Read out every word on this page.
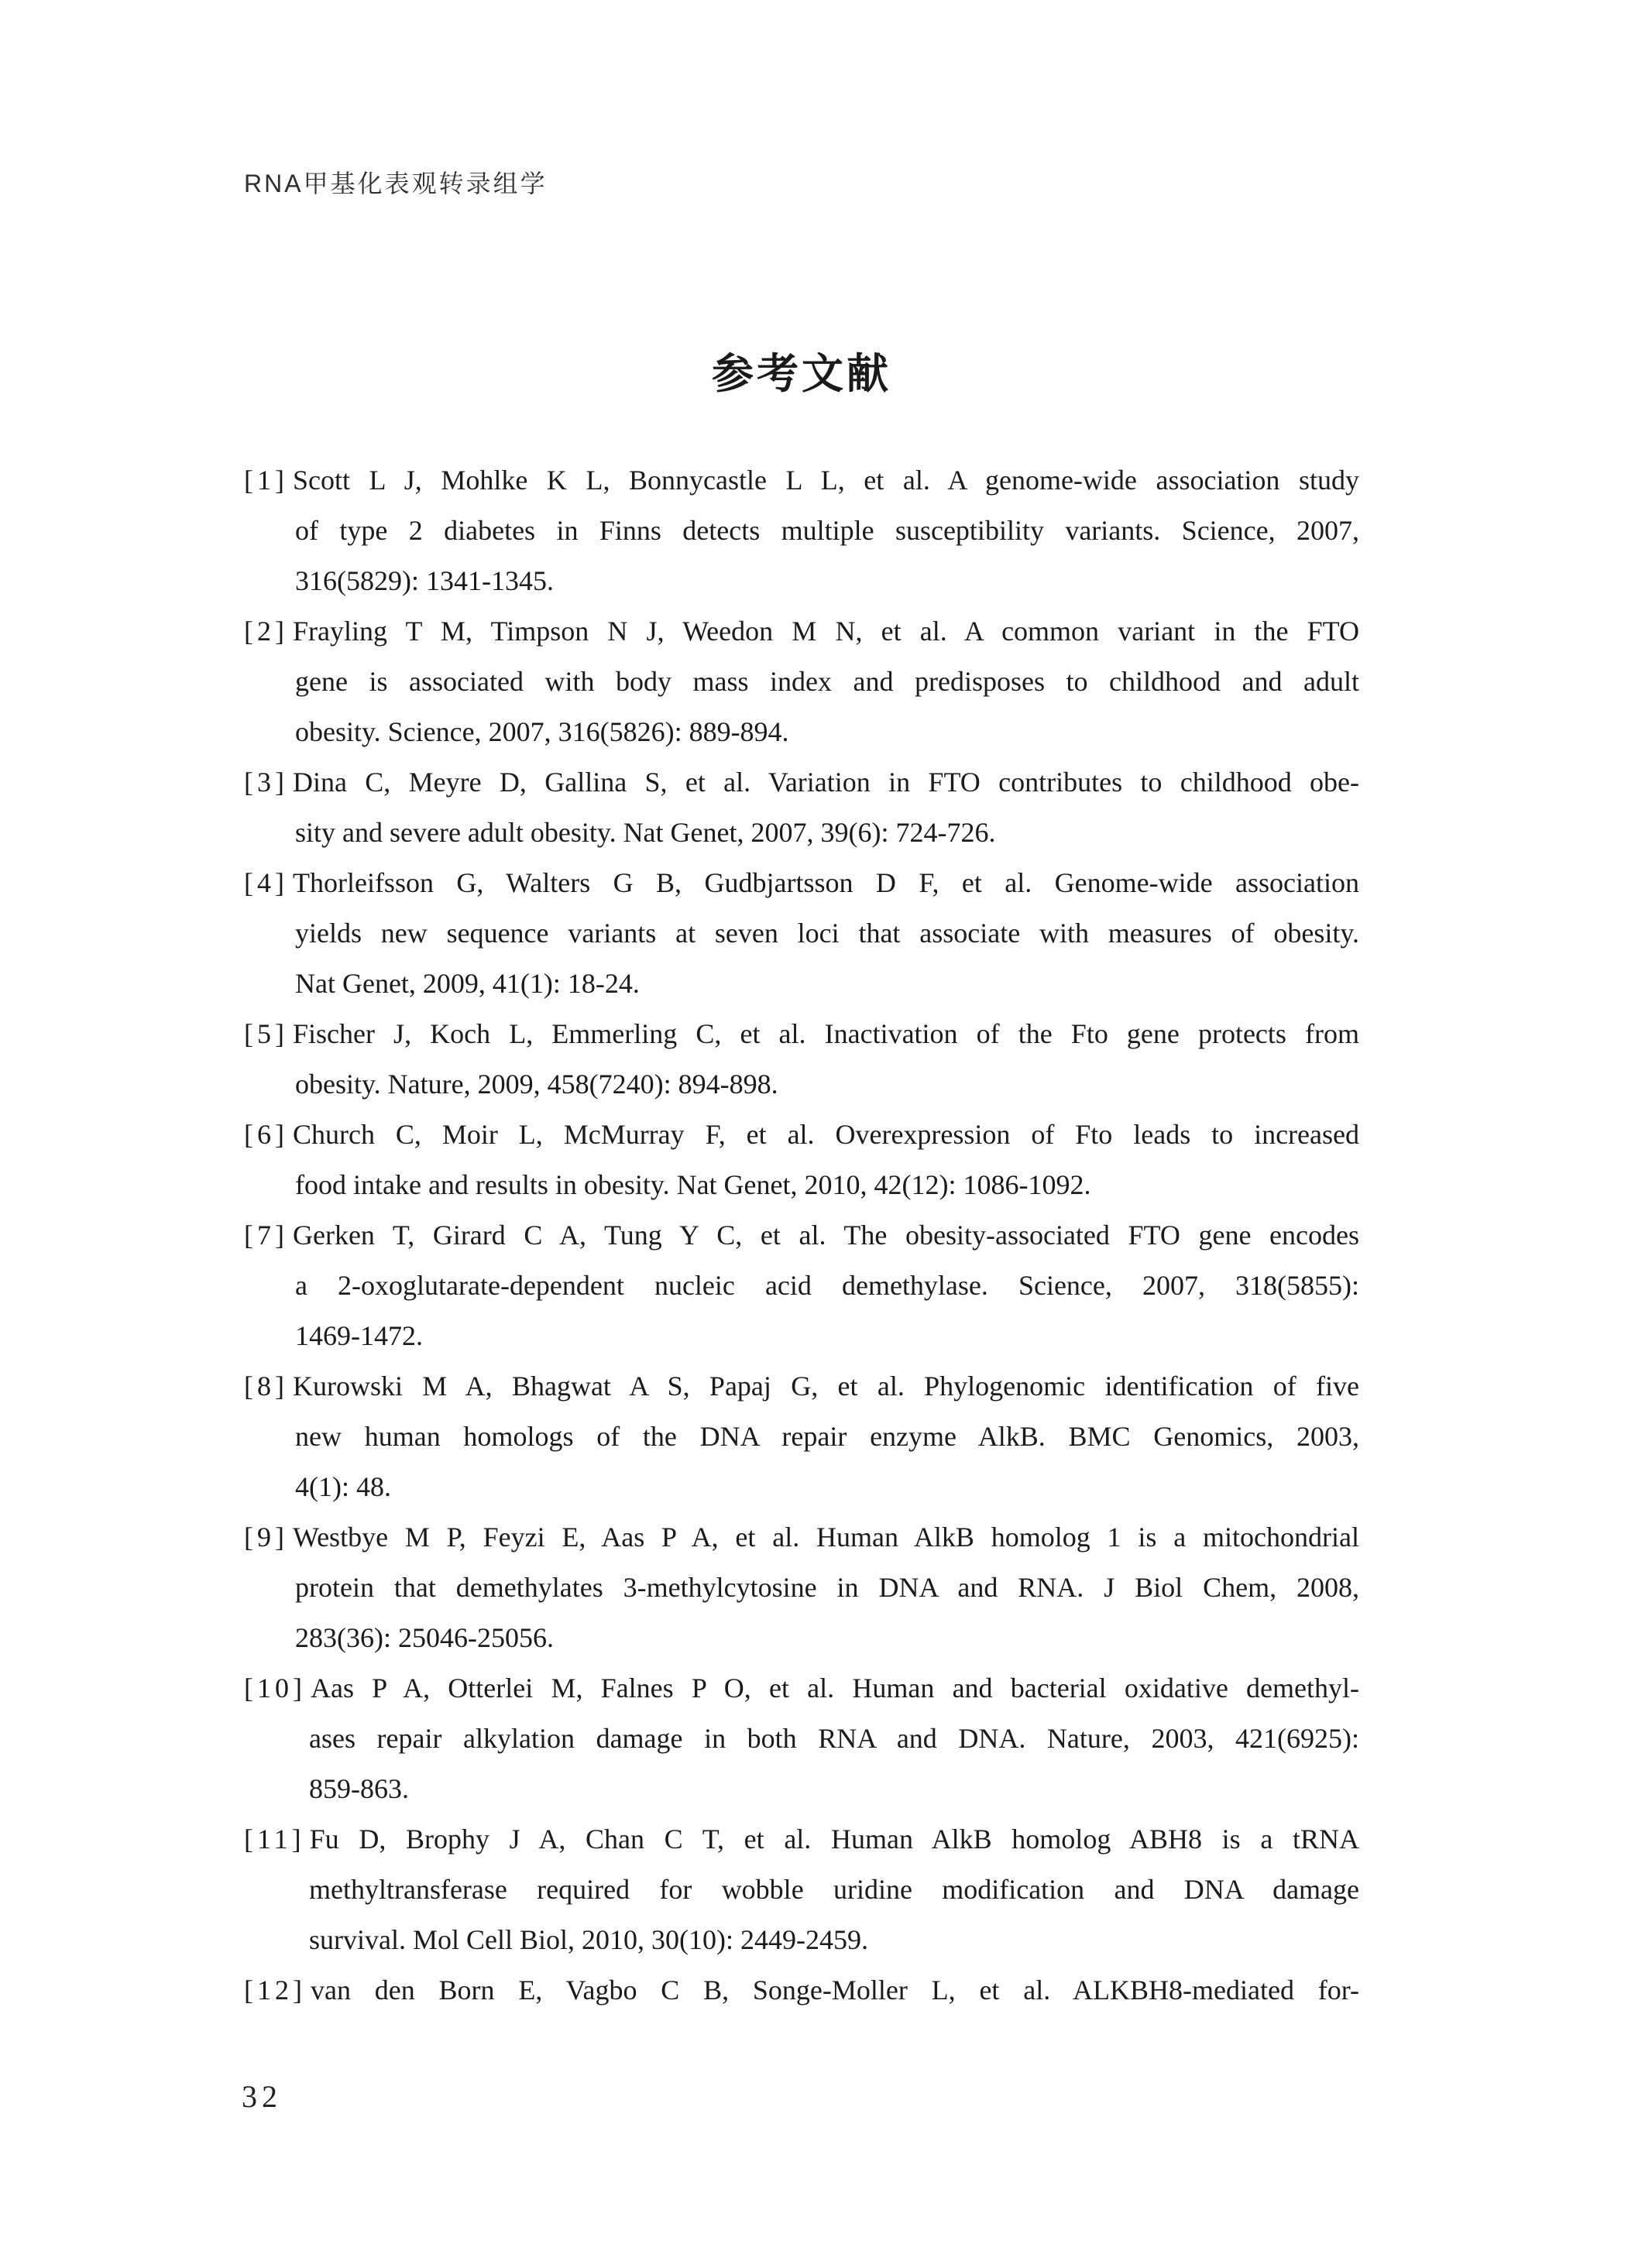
RNA甲基化表观转录组学
参考文献
[1] Scott L J, Mohlke K L, Bonnycastle L L, et al. A genome-wide association study
of type 2 diabetes in Finns detects multiple susceptibility variants. Science, 2007,
316(5829): 1341-1345.
[2] Frayling T M, Timpson N J, Weedon M N, et al. A common variant in the FTO
gene is associated with body mass index and predisposes to childhood and adult
obesity. Science, 2007, 316(5826): 889-894.
[3] Dina C, Meyre D, Gallina S, et al. Variation in FTO contributes to childhood obe-
sity and severe adult obesity. Nat Genet, 2007, 39(6): 724-726.
[4] Thorleifsson G, Walters G B, Gudbjartsson D F, et al. Genome-wide association
yields new sequence variants at seven loci that associate with measures of obesity.
Nat Genet, 2009, 41(1): 18-24.
[5] Fischer J, Koch L, Emmerling C, et al. Inactivation of the Fto gene protects from
obesity. Nature, 2009, 458(7240): 894-898.
[6] Church C, Moir L, McMurray F, et al. Overexpression of Fto leads to increased
food intake and results in obesity. Nat Genet, 2010, 42(12): 1086-1092.
[7] Gerken T, Girard C A, Tung Y C, et al. The obesity-associated FTO gene encodes
a 2-oxoglutarate-dependent nucleic acid demethylase. Science, 2007, 318(5855):
1469-1472.
[8] Kurowski M A, Bhagwat A S, Papaj G, et al. Phylogenomic identification of five
new human homologs of the DNA repair enzyme AlkB. BMC Genomics, 2003,
4(1): 48.
[9] Westbye M P, Feyzi E, Aas P A, et al. Human AlkB homolog 1 is a mitochondrial
protein that demethylates 3-methylcytosine in DNA and RNA. J Biol Chem, 2008,
283(36): 25046-25056.
[10] Aas P A, Otterlei M, Falnes P O, et al. Human and bacterial oxidative demethyl-
ases repair alkylation damage in both RNA and DNA. Nature, 2003, 421(6925):
859-863.
[11] Fu D, Brophy J A, Chan C T, et al. Human AlkB homolog ABH8 is a tRNA
methyltransferase required for wobble uridine modification and DNA damage
survival. Mol Cell Biol, 2010, 30(10): 2449-2459.
[12] van den Born E, Vagbo C B, Songe-Moller L, et al. ALKBH8-mediated for-
32
